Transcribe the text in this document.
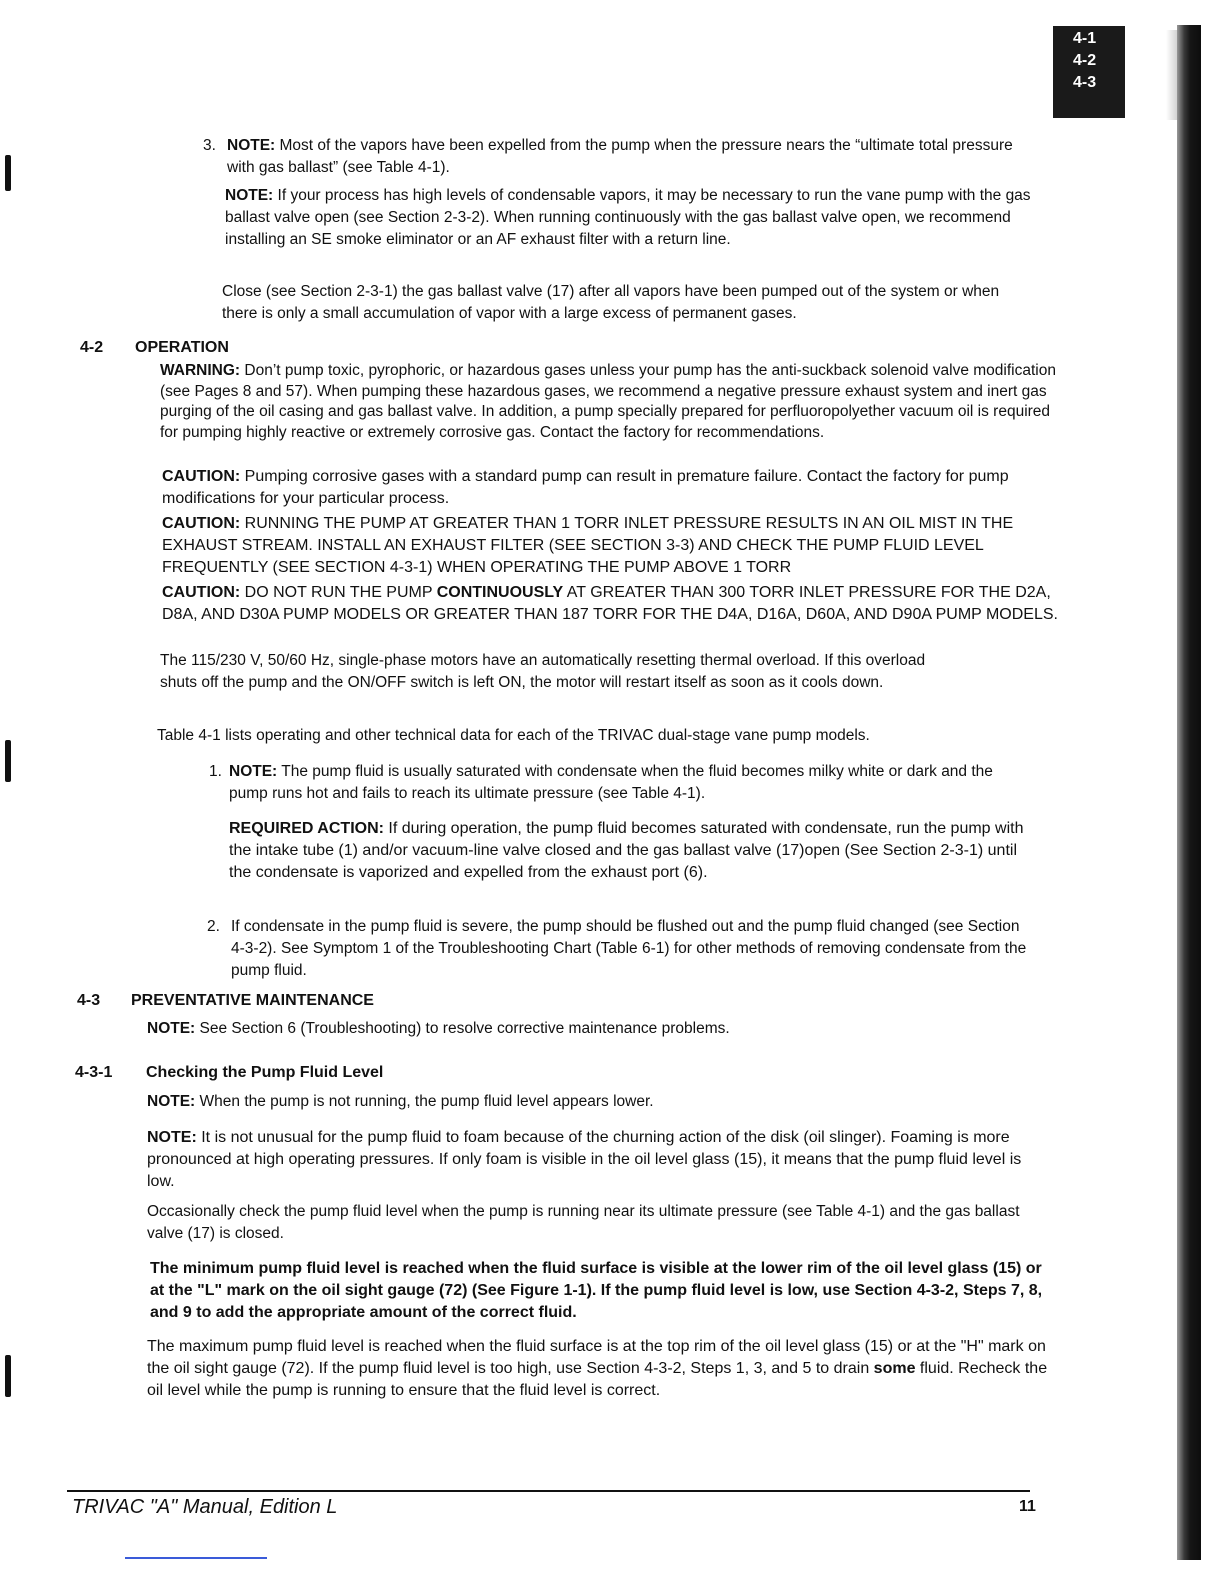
4-1
4-2
4-3

3. NOTE: Most of the vapors have been expelled from the pump when the pressure nears the “ultimate total pressure with gas ballast” (see Table 4-1).

NOTE: If your process has high levels of condensable vapors, it may be necessary to run the vane pump with the gas ballast valve open (see Section 2-3-2). When running continuously with the gas ballast valve open, we recommend installing an SE smoke eliminator or an AF exhaust filter with a return line.

Close (see Section 2-3-1) the gas ballast valve (17) after all vapors have been pumped out of the system or when there is only a small accumulation of vapor with a large excess of permanent gases.

4-2 OPERATION

WARNING: Don’t pump toxic, pyrophoric, or hazardous gases unless your pump has the anti-suckback solenoid valve modification (see Pages 8 and 57). When pumping these hazardous gases, we recommend a negative pressure exhaust system and inert gas purging of the oil casing and gas ballast valve. In addition, a pump specially prepared for perfluoropolyether vacuum oil is required for pumping highly reactive or extremely corrosive gas. Contact the factory for recommendations.

CAUTION: Pumping corrosive gases with a standard pump can result in premature failure. Contact the factory for pump modifications for your particular process.

CAUTION: RUNNING THE PUMP AT GREATER THAN 1 TORR INLET PRESSURE RESULTS IN AN OIL MIST IN THE EXHAUST STREAM. INSTALL AN EXHAUST FILTER (SEE SECTION 3-3) AND CHECK THE PUMP FLUID LEVEL FREQUENTLY (SEE SECTION 4-3-1) WHEN OPERATING THE PUMP ABOVE 1 TORR

CAUTION: DO NOT RUN THE PUMP CONTINUOUSLY AT GREATER THAN 300 TORR INLET PRESSURE FOR THE D2A, D8A, AND D30A PUMP MODELS OR GREATER THAN 187 TORR FOR THE D4A, D16A, D60A, AND D90A PUMP MODELS.

The 115/230 V, 50/60 Hz, single-phase motors have an automatically resetting thermal overload. If this overload shuts off the pump and the ON/OFF switch is left ON, the motor will restart itself as soon as it cools down.

Table 4-1 lists operating and other technical data for each of the TRIVAC dual-stage vane pump models.

1. NOTE: The pump fluid is usually saturated with condensate when the fluid becomes milky white or dark and the pump runs hot and fails to reach its ultimate pressure (see Table 4-1).

REQUIRED ACTION: If during operation, the pump fluid becomes saturated with condensate, run the pump with the intake tube (1) and/or vacuum-line valve closed and the gas ballast valve (17)open (See Section 2-3-1) until the condensate is vaporized and expelled from the exhaust port (6).

2. If condensate in the pump fluid is severe, the pump should be flushed out and the pump fluid changed (see Section 4-3-2). See Symptom 1 of the Troubleshooting Chart (Table 6-1) for other methods of removing condensate from the pump fluid.

4-3 PREVENTATIVE MAINTENANCE

NOTE: See Section 6 (Troubleshooting) to resolve corrective maintenance problems.

4-3-1 Checking the Pump Fluid Level

NOTE: When the pump is not running, the pump fluid level appears lower.

NOTE: It is not unusual for the pump fluid to foam because of the churning action of the disk (oil slinger). Foaming is more pronounced at high operating pressures. If only foam is visible in the oil level glass (15), it means that the pump fluid level is low.

Occasionally check the pump fluid level when the pump is running near its ultimate pressure (see Table 4-1) and the gas ballast valve (17) is closed.

The minimum pump fluid level is reached when the fluid surface is visible at the lower rim of the oil level glass (15) or at the "L" mark on the oil sight gauge (72) (See Figure 1-1). If the pump fluid level is low, use Section 4-3-2, Steps 7, 8, and 9 to add the appropriate amount of the correct fluid.

The maximum pump fluid level is reached when the fluid surface is at the top rim of the oil level glass (15) or at the "H" mark on the oil sight gauge (72). If the pump fluid level is too high, use Section 4-3-2, Steps 1, 3, and 5 to drain some fluid. Recheck the oil level while the pump is running to ensure that the fluid level is correct.

TRIVAC "A" Manual, Edition L	11
